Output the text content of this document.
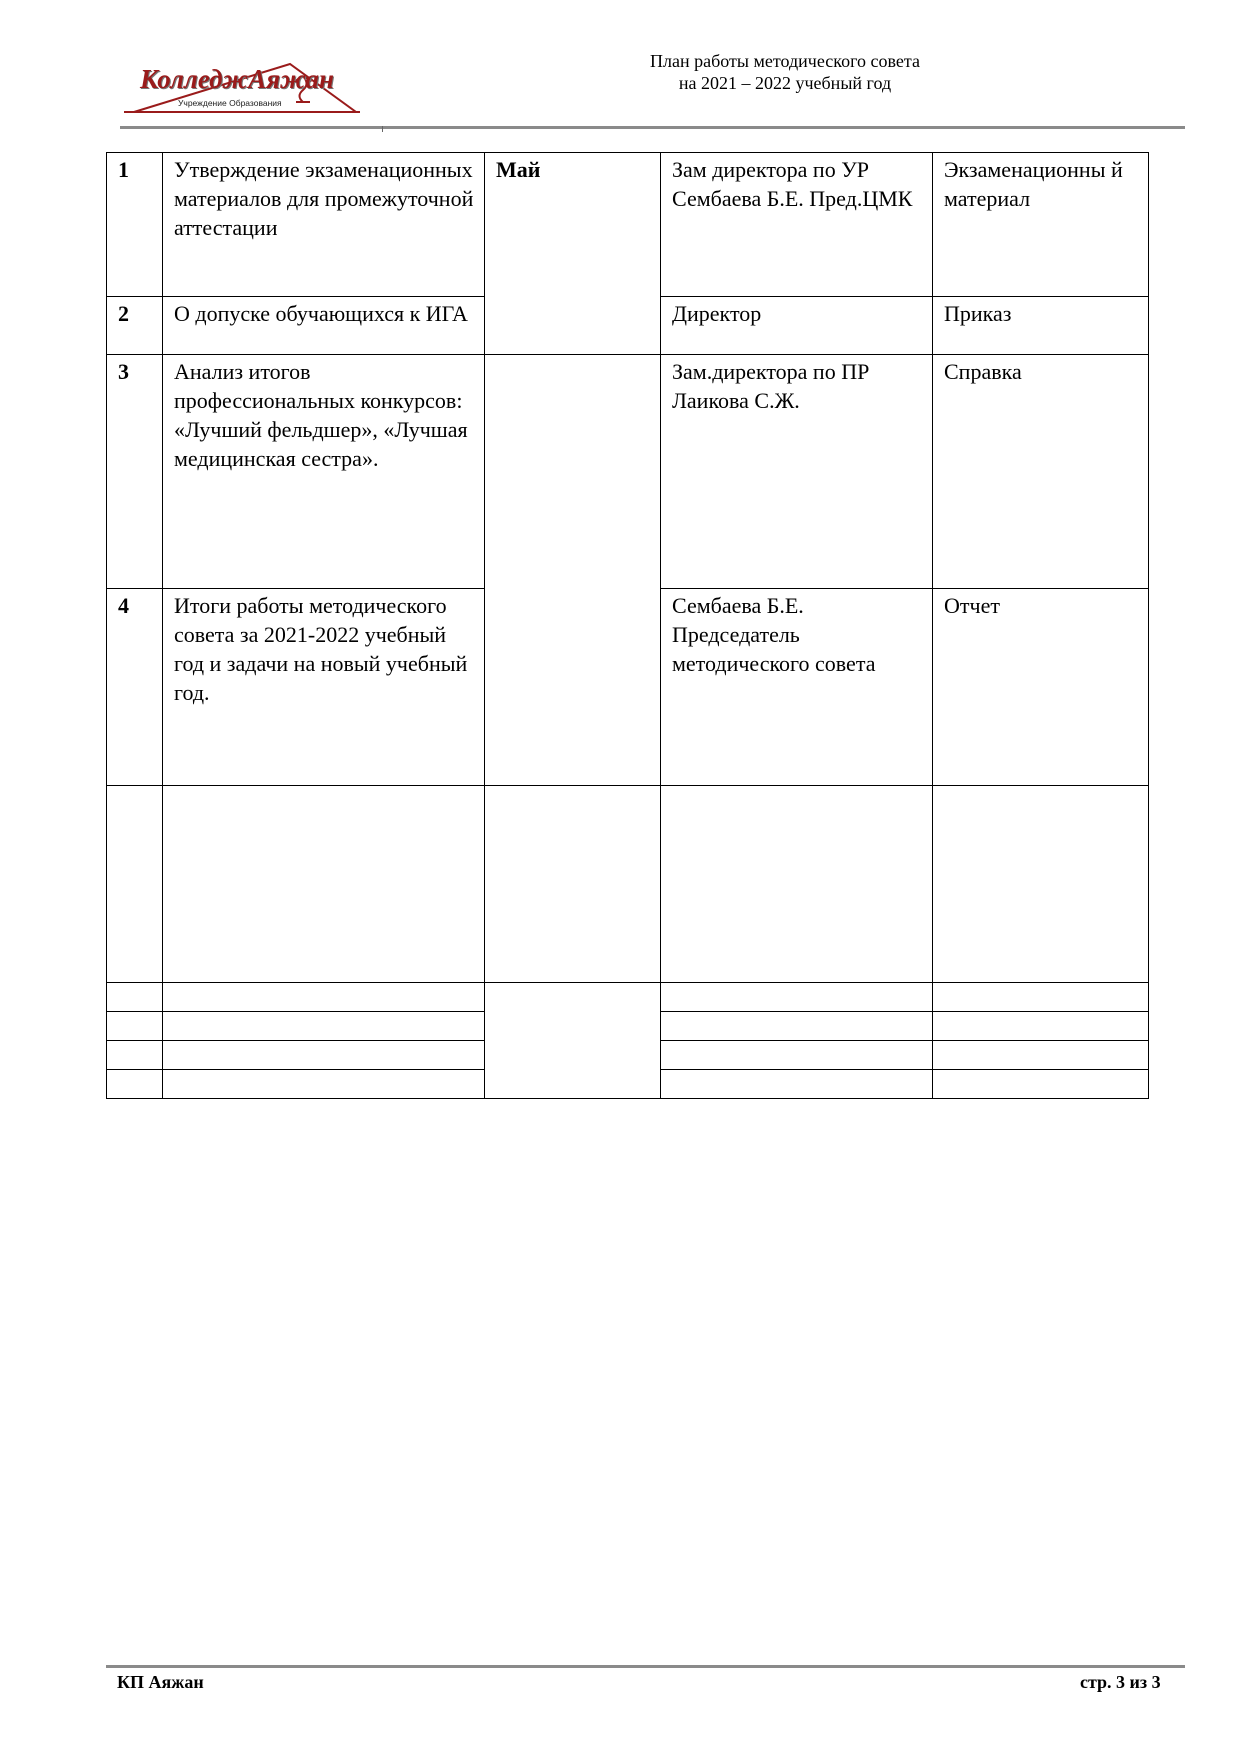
КолледжАяжан
Учреждение Образования
План работы методического совета
на 2021 – 2022 учебный год
1	Утверждение экзаменационных материалов для промежуточной аттестации	Май	Зам директора по УР Сембаева Б.Е. Пред.ЦМК	Экзаменационны й материал
2	О допуске обучающихся к ИГА		Директор	Приказ
3	Анализ итогов профессиональных конкурсов: «Лучший фельдшер», «Лучшая медицинская сестра».		Зам.директора по ПР Лаикова С.Ж.	Справка
4	Итоги работы методического совета за 2021-2022 учебный год и задачи на новый учебный год.		Сембаева Б.Е. Председатель методического совета	Отчет

КП Аяжан	стр. 3 из 3
